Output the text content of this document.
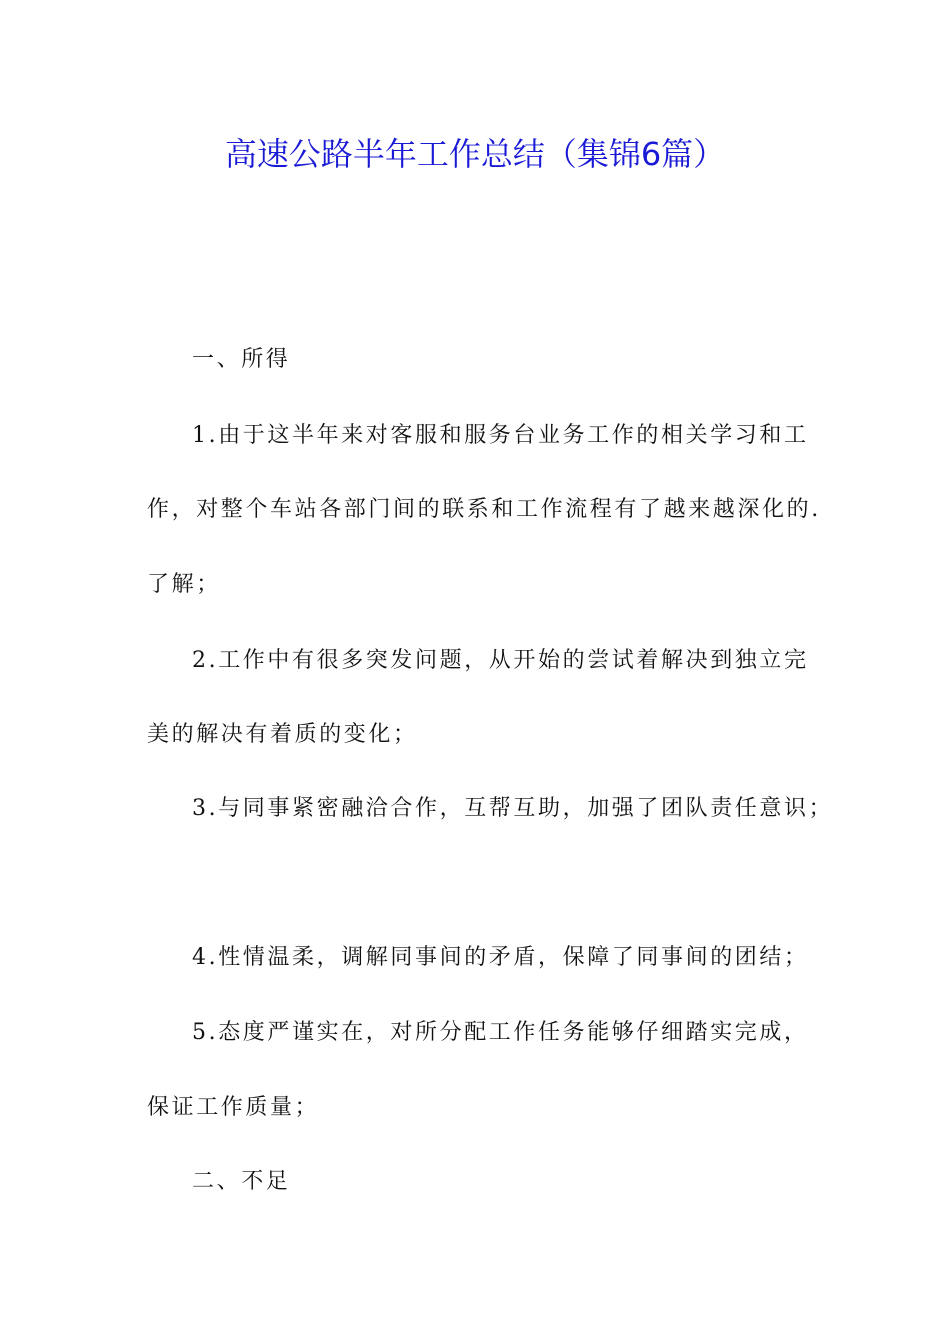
高速公路半年工作总结（集锦6篇）

一、所得

1.由于这半年来对客服和服务台业务工作的相关学习和工

作，对整个车站各部门间的联系和工作流程有了越来越深化的.

了解；

2.工作中有很多突发问题，从开始的尝试着解决到独立完

美的解决有着质的变化；

3.与同事紧密融洽合作，互帮互助，加强了团队责任意识；

4.性情温柔，调解同事间的矛盾，保障了同事间的团结；

5.态度严谨实在，对所分配工作任务能够仔细踏实完成，

保证工作质量；

二、不足
